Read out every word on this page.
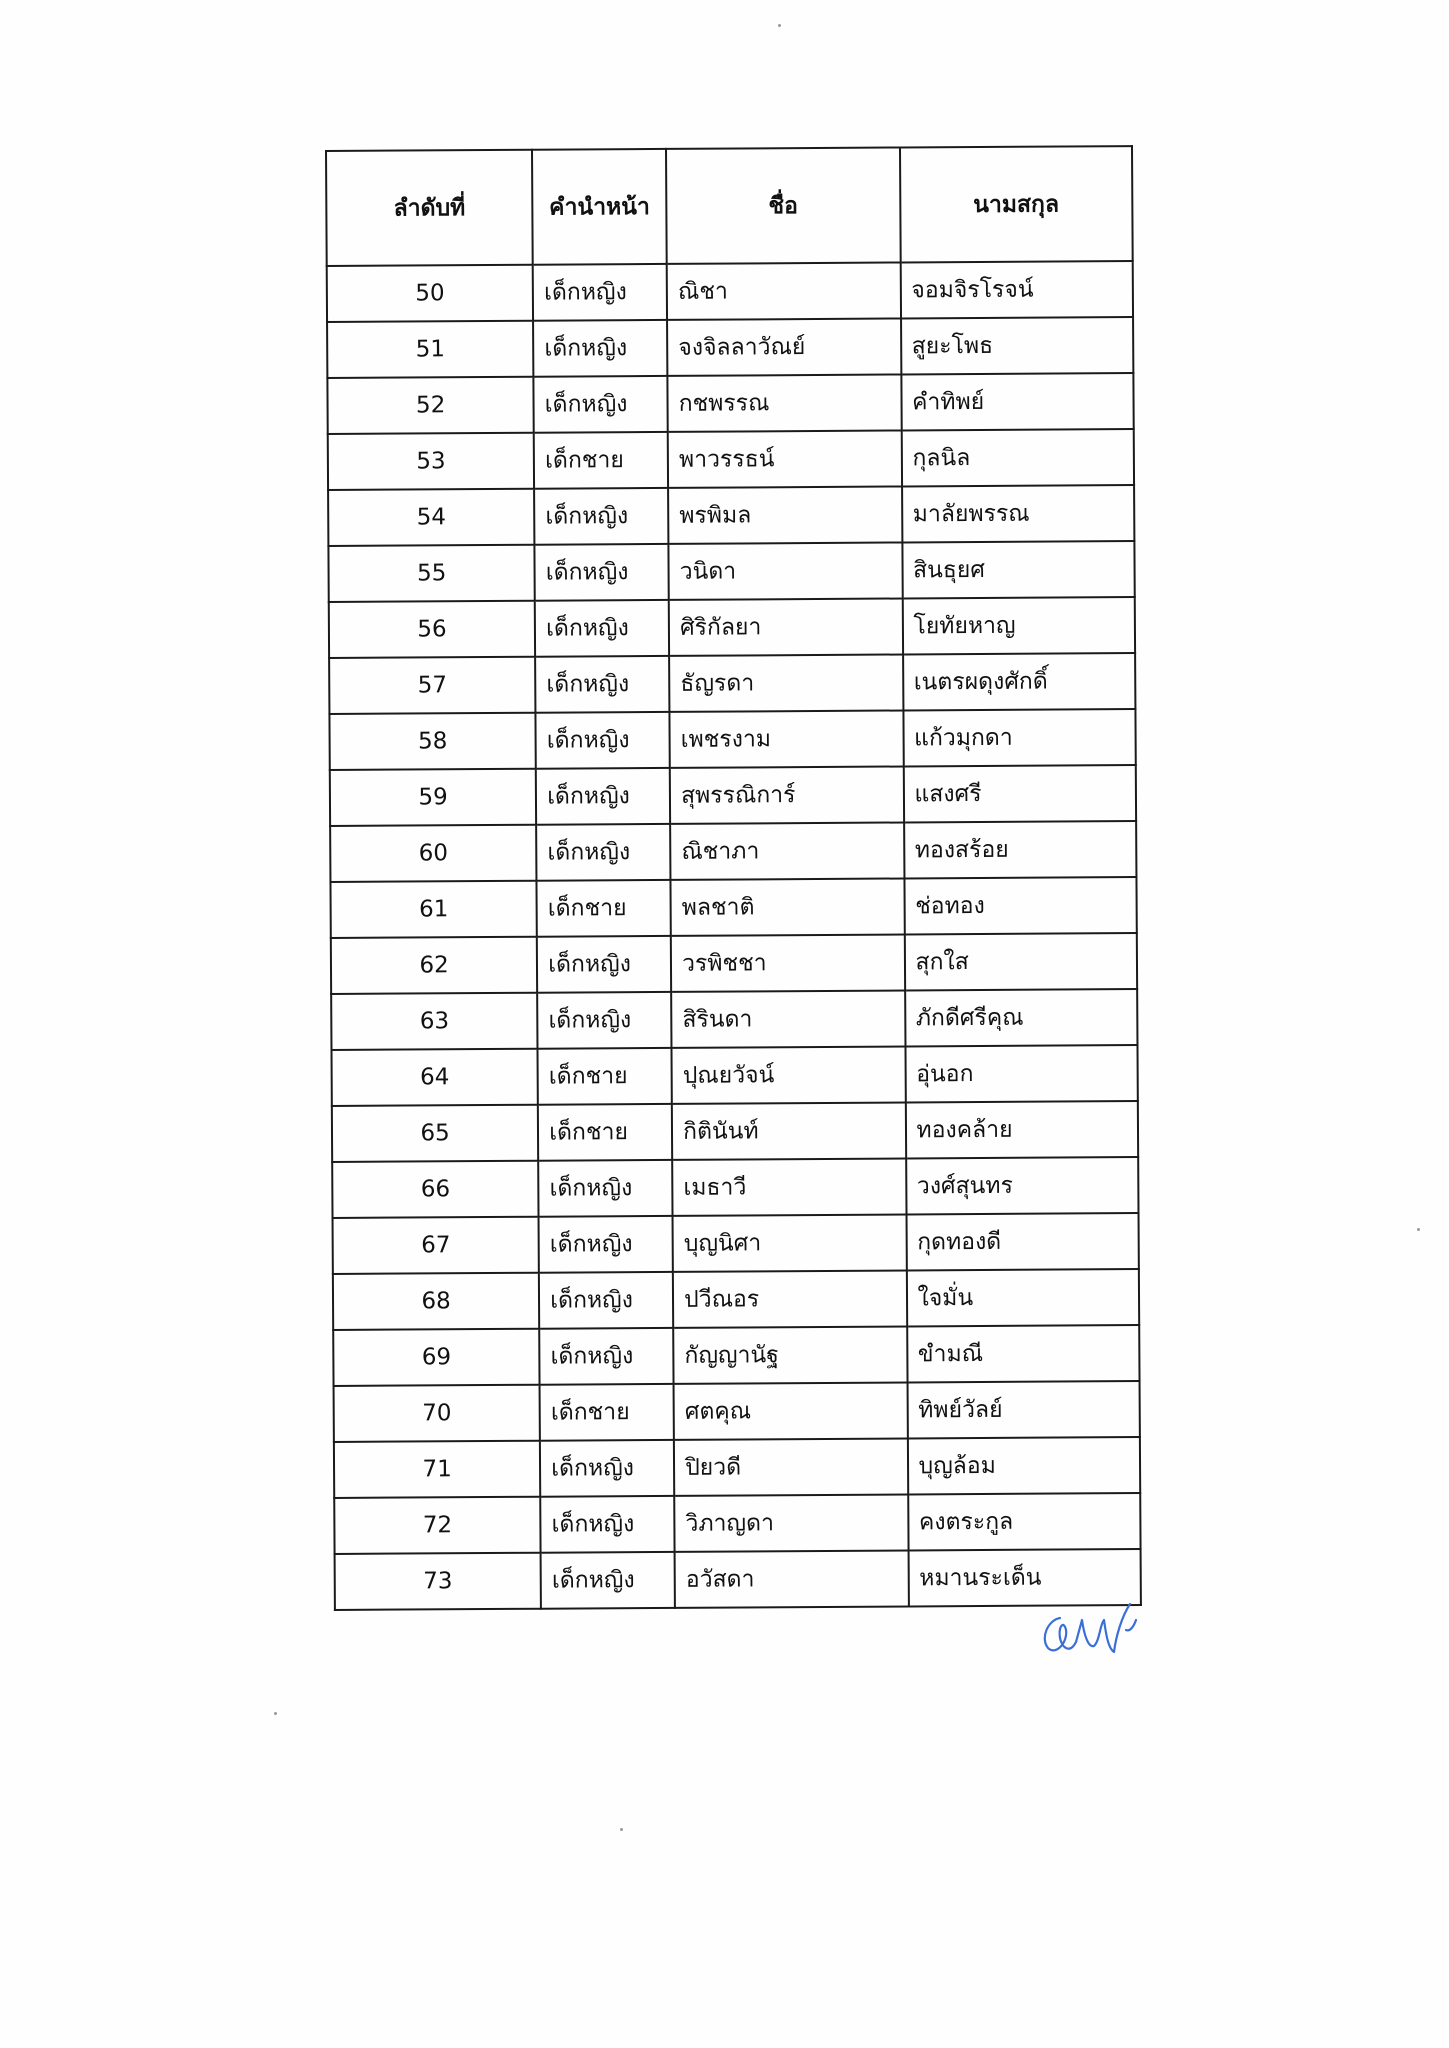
ลำดับที่	คำนำหน้า	ชื่อ	นามสกุล
50	เด็กหญิง	ณิชา	จอมจิรโรจน์
51	เด็กหญิง	จงจิลลาวัณย์	สูยะโพธ
52	เด็กหญิง	กชพรรณ	คำทิพย์
53	เด็กชาย	พาวรรธน์	กุลนิล
54	เด็กหญิง	พรพิมล	มาลัยพรรณ
55	เด็กหญิง	วนิดา	สินธุยศ
56	เด็กหญิง	ศิริกัลยา	โยทัยหาญ
57	เด็กหญิง	ธัญรดา	เนตรผดุงศักดิ์
58	เด็กหญิง	เพชรงาม	แก้วมุกดา
59	เด็กหญิง	สุพรรณิการ์	แสงศรี
60	เด็กหญิง	ณิชาภา	ทองสร้อย
61	เด็กชาย	พลชาติ	ช่อทอง
62	เด็กหญิง	วรพิชชา	สุกใส
63	เด็กหญิง	สิรินดา	ภักดีศรีคุณ
64	เด็กชาย	ปุณยวัจน์	อุ่นอก
65	เด็กชาย	กิตินันท์	ทองคล้าย
66	เด็กหญิง	เมธาวี	วงศ์สุนทร
67	เด็กหญิง	บุญนิศา	กุดทองดี
68	เด็กหญิง	ปวีณอร	ใจมั่น
69	เด็กหญิง	กัญญานัฐ	ขำมณี
70	เด็กชาย	ศตคุณ	ทิพย์วัลย์
71	เด็กหญิง	ปิยวดี	บุญล้อม
72	เด็กหญิง	วิภาญดา	คงตระกูล
73	เด็กหญิง	อวัสดา	หมานระเด็น
